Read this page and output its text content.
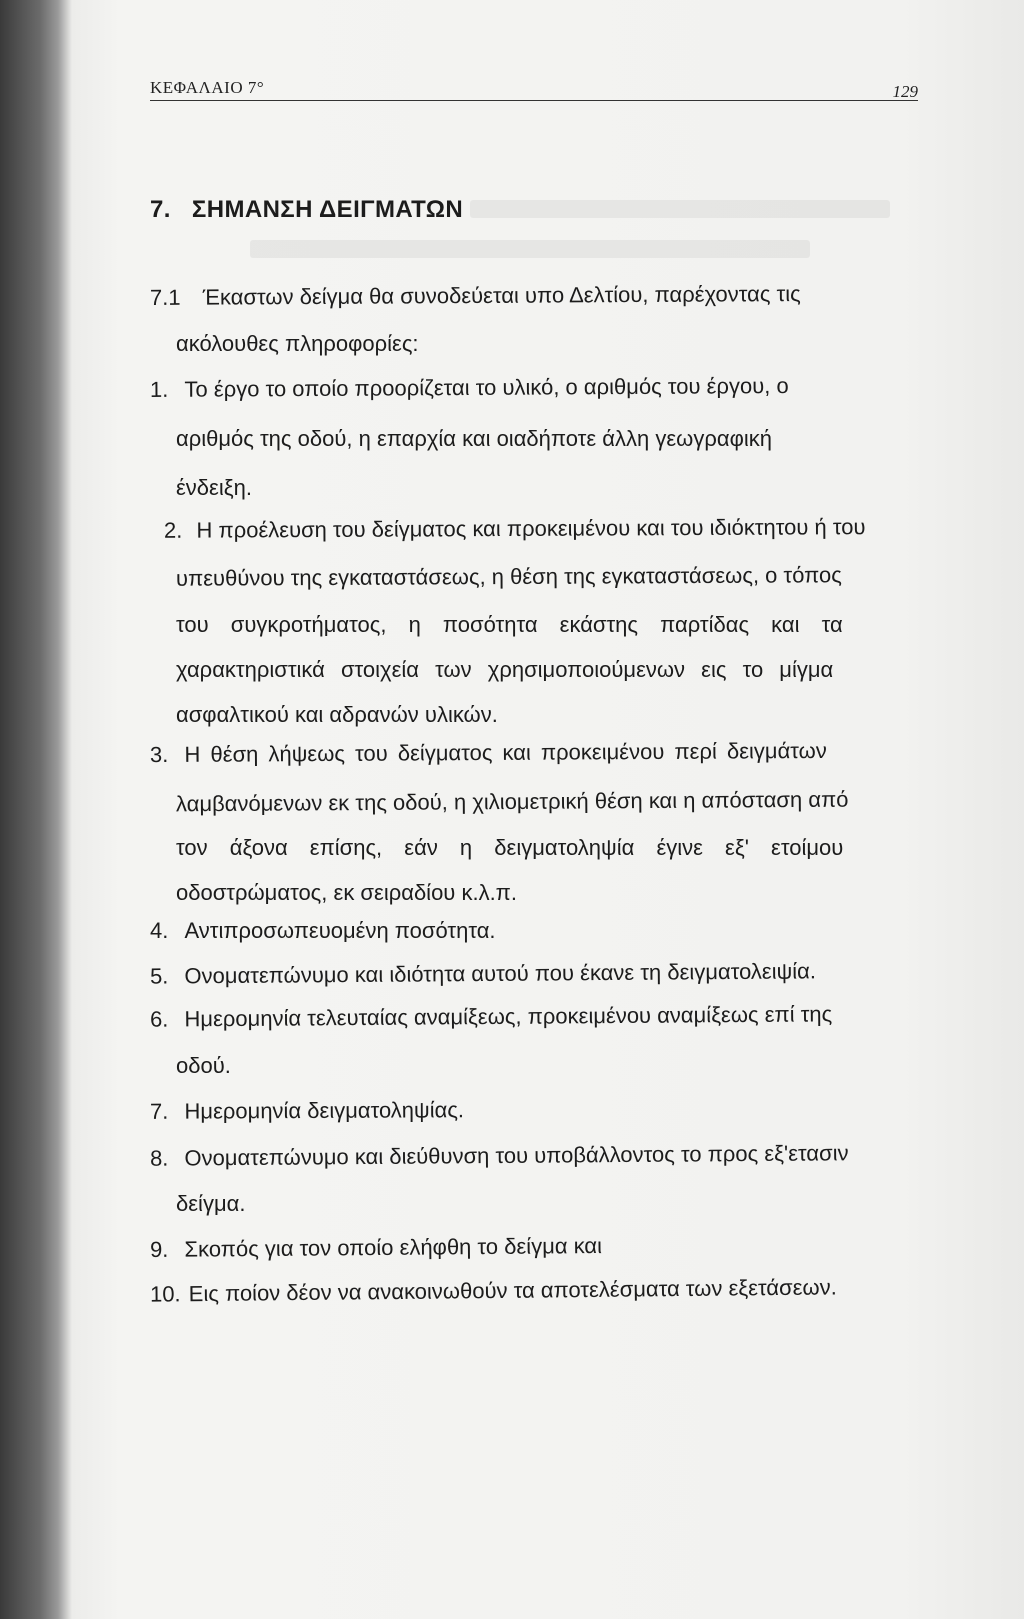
ΚΕΦΑΛΑΙΟ 7°	129
7. ΣΗΜΑΝΣΗ ΔΕΙΓΜΑΤΩΝ
7.1 Έκαστων δείγμα θα συνοδεύεται υπο Δελτίου, παρέχοντας τις
ακόλουθες πληροφορίες:
1. Το έργο το οποίο προορίζεται το υλικό, ο αριθμός του έργου, ο
αριθμός της οδού, η επαρχία και οιαδήποτε άλλη γεωγραφική
ένδειξη.
2. Η προέλευση του δείγματος και προκειμένου και του ιδιόκτητου ή του
υπευθύνου της εγκαταστάσεως, η θέση της εγκαταστάσεως, ο τόπος
του συγκροτήματος, η ποσότητα εκάστης παρτίδας και τα
χαρακτηριστικά στοιχεία των χρησιμοποιούμενων εις το μίγμα
ασφαλτικού και αδρανών υλικών.
3. Η θέση λήψεως του δείγματος και προκειμένου περί δειγμάτων
λαμβανόμενων εκ της οδού, η χιλιομετρική θέση και η απόσταση από
τον άξονα επίσης, εάν η δειγματοληψία έγινε εξ' ετοίμου
οδοστρώματος, εκ σειραδίου κ.λ.π.
4. Αντιπροσωπευομένη ποσότητα.
5. Ονοματεπώνυμο και ιδιότητα αυτού που έκανε τη δειγματολειψία.
6. Ημερομηνία τελευταίας αναμίξεως, προκειμένου αναμίξεως επί της
οδού.
7. Ημερομηνία δειγματοληψίας.
8. Ονοματεπώνυμο και διεύθυνση του υποβάλλοντος το προς εξ'ετασιν
δείγμα.
9. Σκοπός για τον οποίο ελήφθη το δείγμα και
10. Εις ποίον δέον να ανακοινωθούν τα αποτελέσματα των εξετάσεων.
